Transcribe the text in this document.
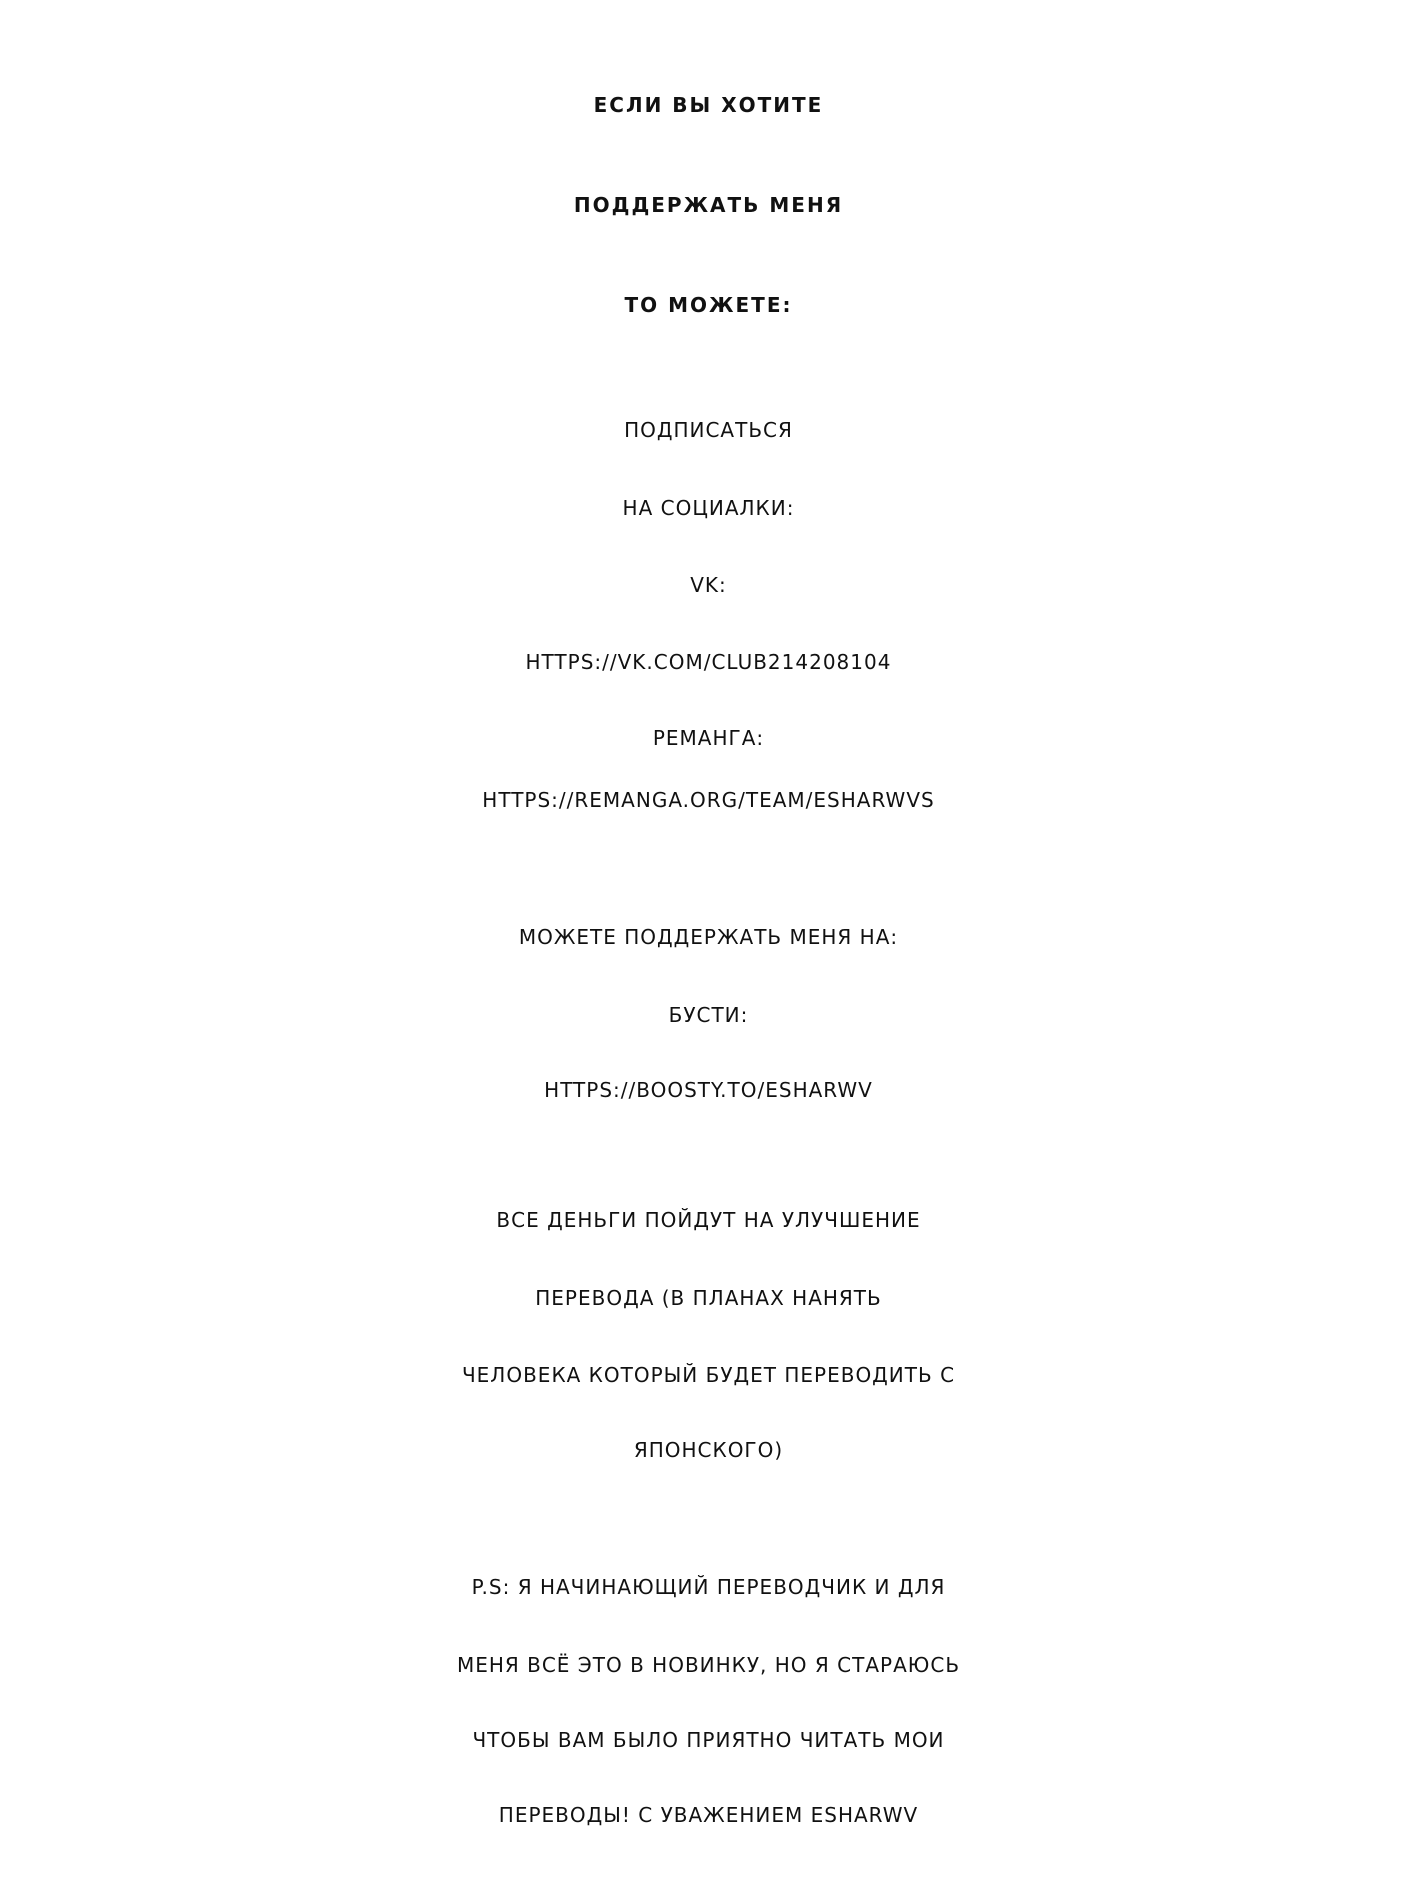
ЕСЛИ ВЫ ХОТИТЕ
ПОДДЕРЖАТЬ МЕНЯ
ТО МОЖЕТЕ:
ПОДПИСАТЬСЯ
НА СОЦИАЛКИ:
VK:
HTTPS://VK.COM/CLUB214208104
РЕМАНГА:
HTTPS://REMANGA.ORG/TEAM/ESHARWVS
МОЖЕТЕ ПОДДЕРЖАТЬ МЕНЯ НА:
БУСТИ:
HTTPS://BOOSTY.TO/ESHARWV
ВСЕ ДЕНЬГИ ПОЙДУТ НА УЛУЧШЕНИЕ
ПЕРЕВОДА (В ПЛАНАХ НАНЯТЬ
ЧЕЛОВЕКА КОТОРЫЙ БУДЕТ ПЕРЕВОДИТЬ С
ЯПОНСКОГО)
P.S: Я НАЧИНАЮЩИЙ ПЕРЕВОДЧИК И ДЛЯ
МЕНЯ ВСЁ ЭТО В НОВИНКУ, НО Я СТАРАЮСЬ
ЧТОБЫ ВАМ БЫЛО ПРИЯТНО ЧИТАТЬ МОИ
ПЕРЕВОДЫ! С УВАЖЕНИЕМ ESHARWV
